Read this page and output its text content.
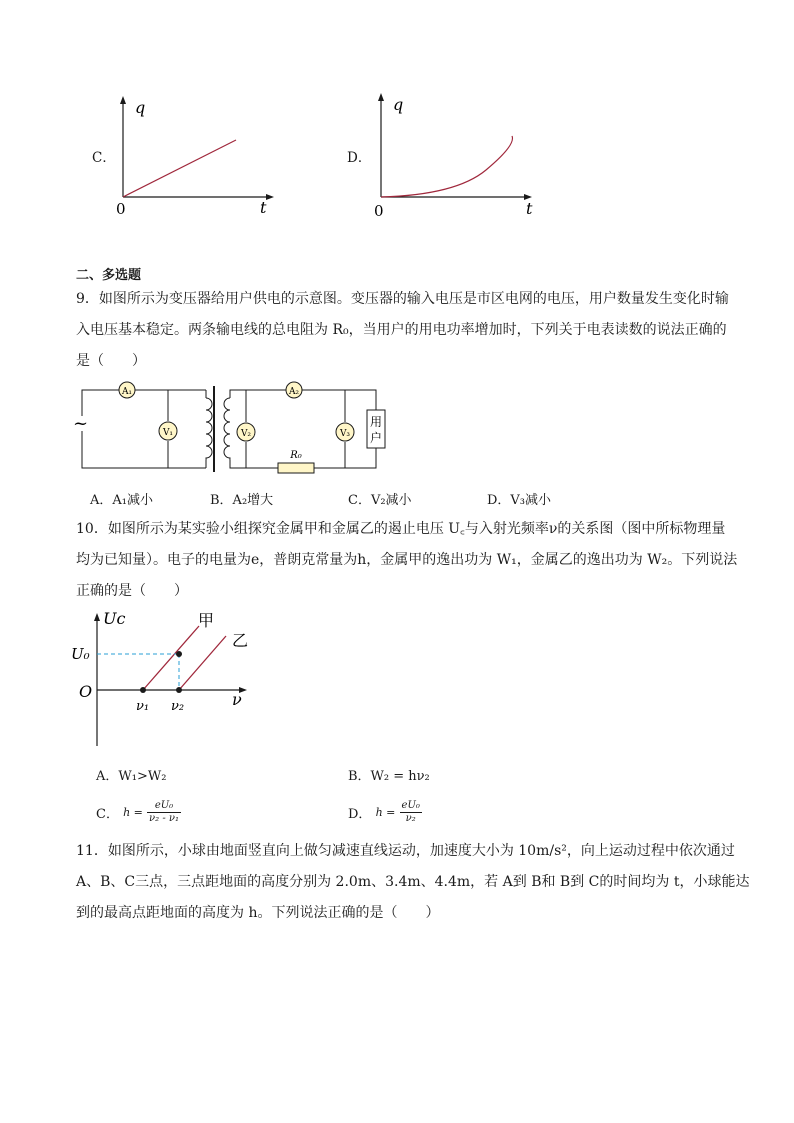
C．
q
t
0
D．
q
t
0
二、多选题
9．如图所示为变压器给用户供电的示意图。变压器的输入电压是市区电网的电压，用户数量发生变化时输
入电压基本稳定。两条输电线的总电阻为 R₀，当用户的用电功率增加时，下列关于电表读数的说法正确的
是（　　）
~
A₁
V₁	V₂
A₂
V₃
R₀
用
户
A．A₁减小	B．A₂增大	C．V₂减小	D．V₃减小
10．如图所示为某实验小组探究金属甲和金属乙的遏止电压 U꜀与入射光频率ν的关系图（图中所标物理量
均为已知量）。电子的电量为e，普朗克常量为h，金属甲的逸出功为 W₁，金属乙的逸出功为 W₂。下列说法
正确的是（　　）
Uc
U₀
O	ν
ν₁ ν₂
甲
乙
A．W₁>W₂	B．W₂ = hν₂
C． $h = \frac{\text{eU₀}}{\text{ν₂ - ν₁}}$	D． $h = \frac{\text{eU₀}}{\text{ν₂}}$
11．如图所示，小球由地面竖直向上做匀减速直线运动，加速度大小为 10m/s²，向上运动过程中依次通过
A、B、C三点，三点距地面的高度分别为 2.0m、3.4m、4.4m，若 A到 B和 B到 C的时间均为 t，小球能达
到的最高点距地面的高度为 h。下列说法正确的是（　　）
